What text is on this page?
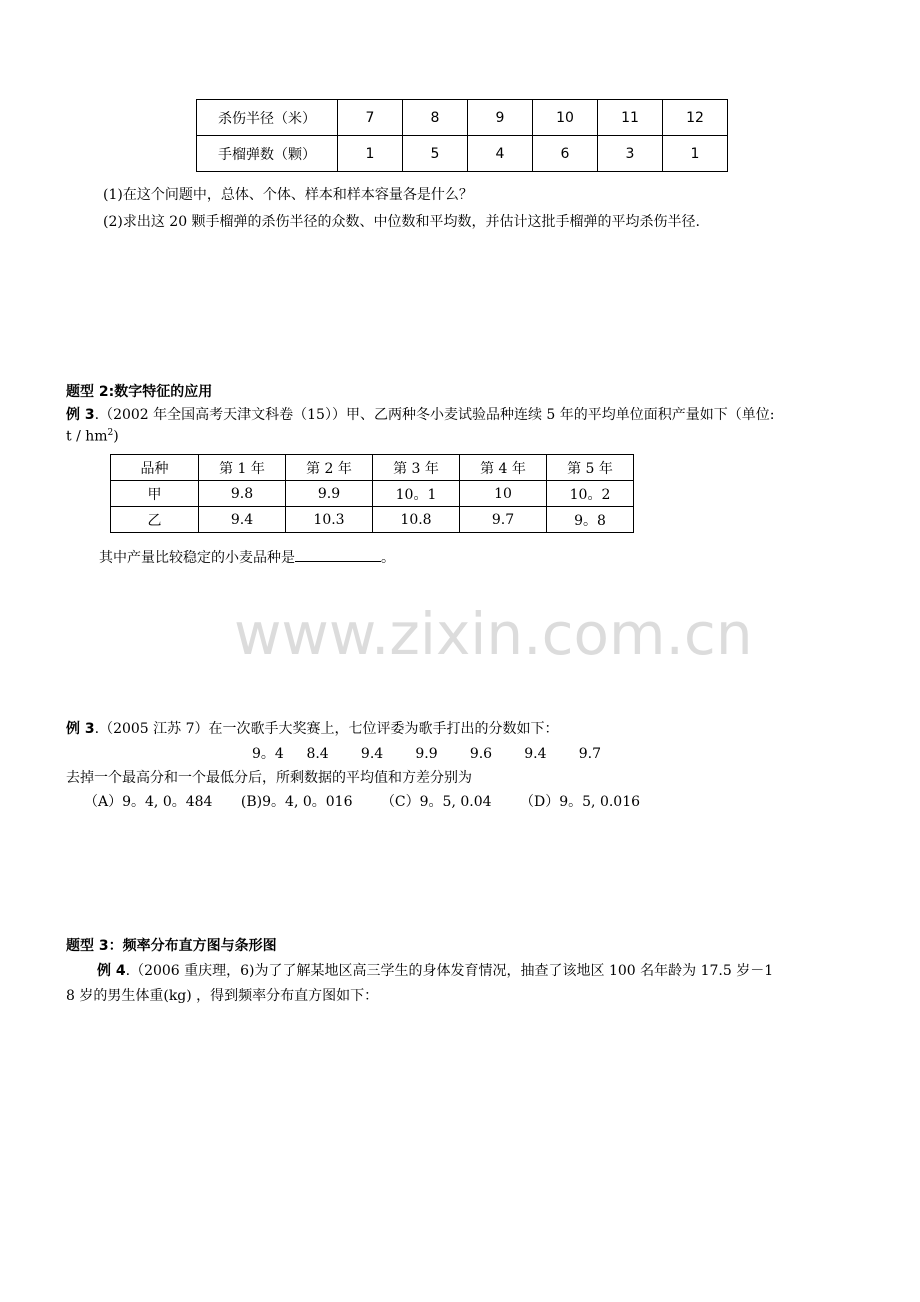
杀伤半径（米）	7	8	9	10	11	12
手榴弹数（颗）	1	5	4	6	3	1
(1)在这个问题中，总体、个体、样本和样本容量各是什么？
(2)求出这 20 颗手榴弹的杀伤半径的众数、中位数和平均数，并估计这批手榴弹的平均杀伤半径.
题型 2:数字特征的应用
例 3.（2002 年全国高考天津文科卷（15））甲、乙两种冬小麦试验品种连续 5 年的平均单位面积产量如下（单位:
t / $hm^2$)
品种	第 1 年	第 2 年	第 3 年	第 4 年	第 5 年
甲	9.8	9.9	10。1	10	10。2
乙	9.4	10.3	10.8	9.7	9。8
其中产量比较稳定的小麦品种是	。
www.zixin.com.cn
例 3.（2005 江苏 7）在一次歌手大奖赛上，七位评委为歌手打出的分数如下：
9。4 8.4 9.4 9.9 9.6 9.4 9.7
去掉一个最高分和一个最低分后，所剩数据的平均值和方差分别为
（A）9。4, 0。484 (B)9。4, 0。016 （C）9。5, 0.04 （D）9。5, 0.016
题型 3：频率分布直方图与条形图
例 4.（2006 重庆理，6)为了了解某地区高三学生的身体发育情况，抽查了该地区 100 名年龄为 17.5 岁－1
8 岁的男生体重(kg) ，得到频率分布直方图如下：
